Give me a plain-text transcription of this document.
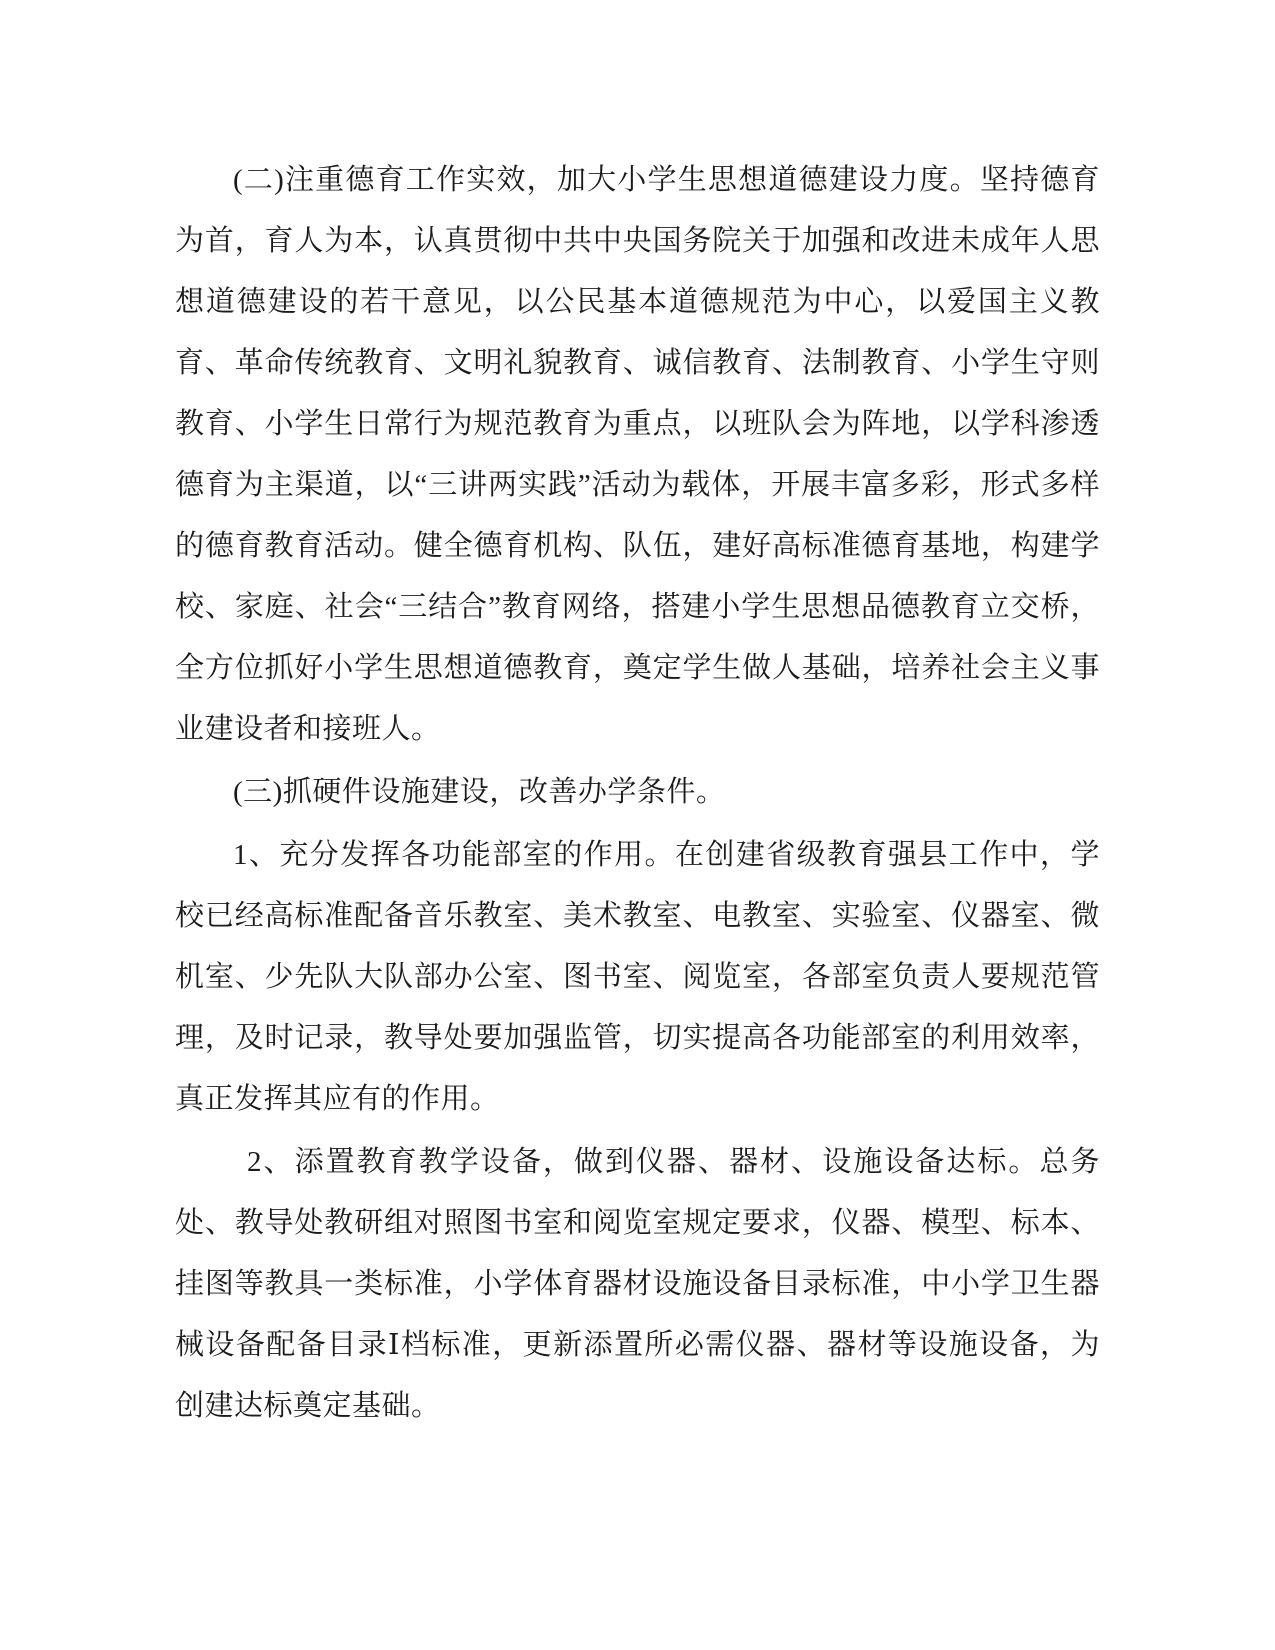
(二)注重德育工作实效，加大小学生思想道德建设力度。坚持德育为首，育人为本，认真贯彻中共中央国务院关于加强和改进未成年人思想道德建设的若干意见，以公民基本道德规范为中心，以爱国主义教育、革命传统教育、文明礼貌教育、诚信教育、法制教育、小学生守则教育、小学生日常行为规范教育为重点，以班队会为阵地，以学科渗透德育为主渠道，以“三讲两实践”活动为载体，开展丰富多彩，形式多样的德育教育活动。健全德育机构、队伍，建好高标准德育基地，构建学校、家庭、社会“三结合”教育网络，搭建小学生思想品德教育立交桥，全方位抓好小学生思想道德教育，奠定学生做人基础，培养社会主义事业建设者和接班人。

(三)抓硬件设施建设，改善办学条件。

1、充分发挥各功能部室的作用。在创建省级教育强县工作中，学校已经高标准配备音乐教室、美术教室、电教室、实验室、仪器室、微机室、少先队大队部办公室、图书室、阅览室，各部室负责人要规范管理，及时记录，教导处要加强监管，切实提高各功能部室的利用效率，真正发挥其应有的作用。

2、添置教育教学设备，做到仪器、器材、设施设备达标。总务处、教导处教研组对照图书室和阅览室规定要求，仪器、模型、标本、挂图等教具一类标准，小学体育器材设施设备目录标准，中小学卫生器械设备配备目录Ⅰ档标准，更新添置所必需仪器、器材等设施设备，为创建达标奠定基础。
